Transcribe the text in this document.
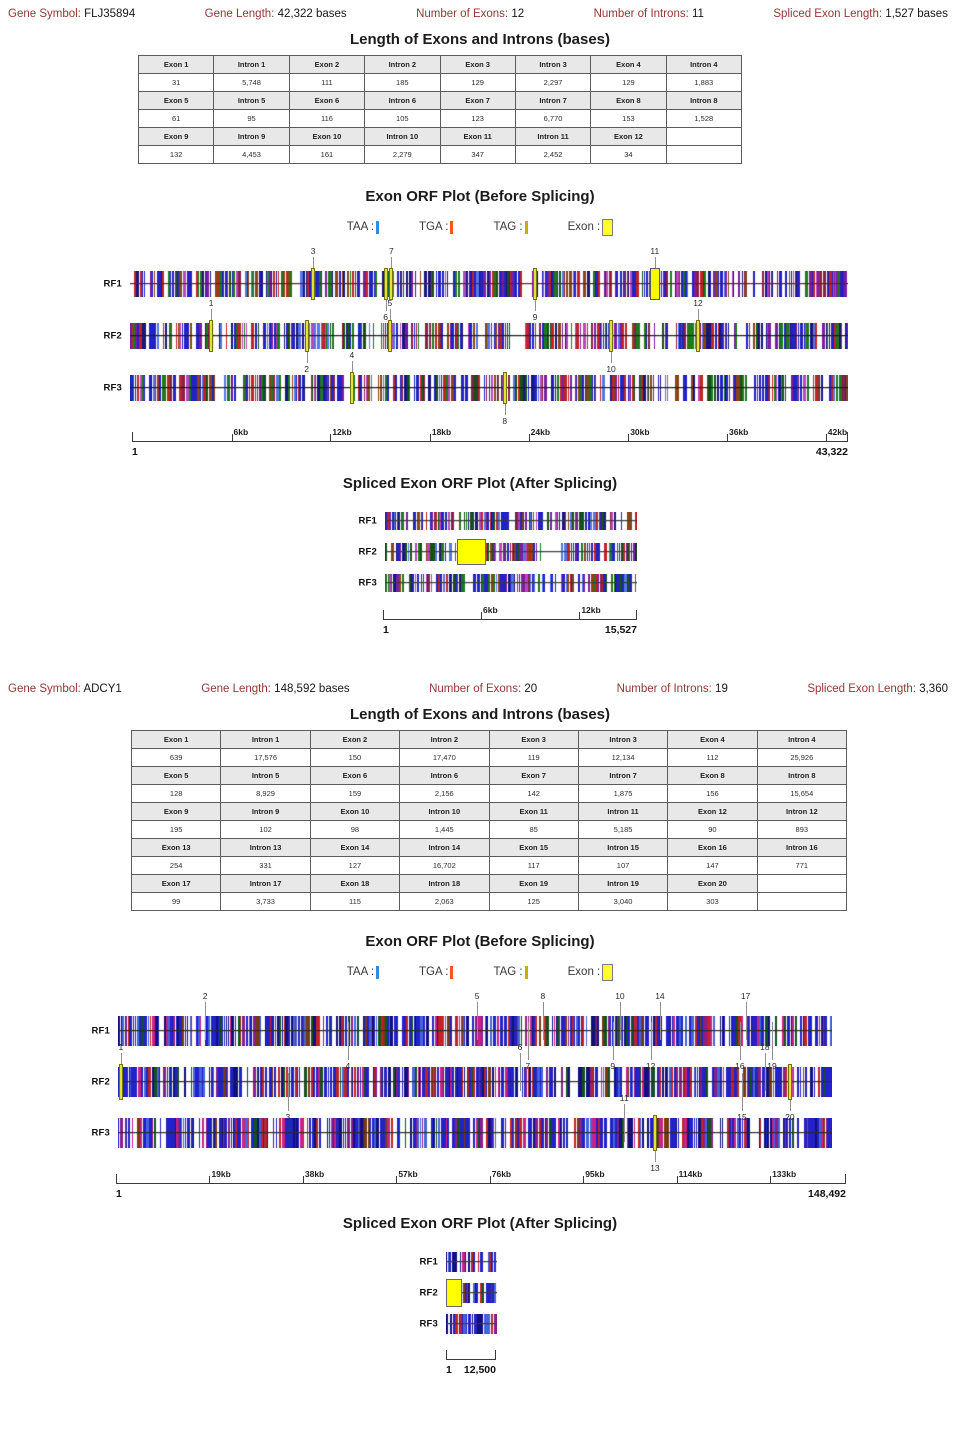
Gene Symbol: FLJ35894	Gene Length: 42,322 bases	Number of Exons: 12	Number of Introns: 11	Spliced Exon Length: 1,527 bases
Length of Exons and Introns (bases)
Exon 1	Intron 1	Exon 2	Intron 2	Exon 3	Intron 3	Exon 4	Intron 4
31	5,748	111	185	129	2,297	129	1,883
Exon 5	Intron 5	Exon 6	Intron 6	Exon 7	Intron 7	Exon 8	Intron 8
61	95	116	105	123	6,770	153	1,528
Exon 9	Intron 9	Exon 10	Intron 10	Exon 11	Intron 11	Exon 12	
132	4,453	161	2,279	347	2,452	34	
Exon ORF Plot (Before Splicing)
TAA :	TGA :	TAG :	Exon :
RF1
3	7	11
6	9
RF2
1	5	12
2	10
RF3
4
8
6kb	12kb	18kb	24kb	30kb	36kb	42kb
1	43,322
Spliced Exon ORF Plot (After Splicing)
RF1
RF2
RF3
6kb	12kb
1	15,527
Gene Symbol: ADCY1	Gene Length: 148,592 bases	Number of Exons: 20	Number of Introns: 19	Spliced Exon Length: 3,360
Length of Exons and Introns (bases)
Exon 1	Intron 1	Exon 2	Intron 2	Exon 3	Intron 3	Exon 4	Intron 4
639	17,576	150	17,470	119	12,134	112	25,926
Exon 5	Intron 5	Exon 6	Intron 6	Exon 7	Intron 7	Exon 8	Intron 8
128	8,929	159	2,156	142	1,875	156	15,654
Exon 9	Intron 9	Exon 10	Intron 10	Exon 11	Intron 11	Exon 12	Intron 12
195	102	98	1,445	85	5,185	90	893
Exon 13	Intron 13	Exon 14	Intron 14	Exon 15	Intron 15	Exon 16	Intron 16
254	331	127	16,702	117	107	147	771
Exon 17	Intron 17	Exon 18	Intron 18	Exon 19	Intron 19	Exon 20	
99	3,733	115	2,063	125	3,040	303	
Exon ORF Plot (Before Splicing)
TAA :	TGA :	TAG :	Exon :
RF1
2	5	8	10	14	17
4	7	9	12	16	19
RF2
1	6	18
3	15	20
RF3
11
13
19kb	38kb	57kb	76kb	95kb	114kb	133kb
1	148,492
Spliced Exon ORF Plot (After Splicing)
RF1
RF2
RF3
1 12,500
